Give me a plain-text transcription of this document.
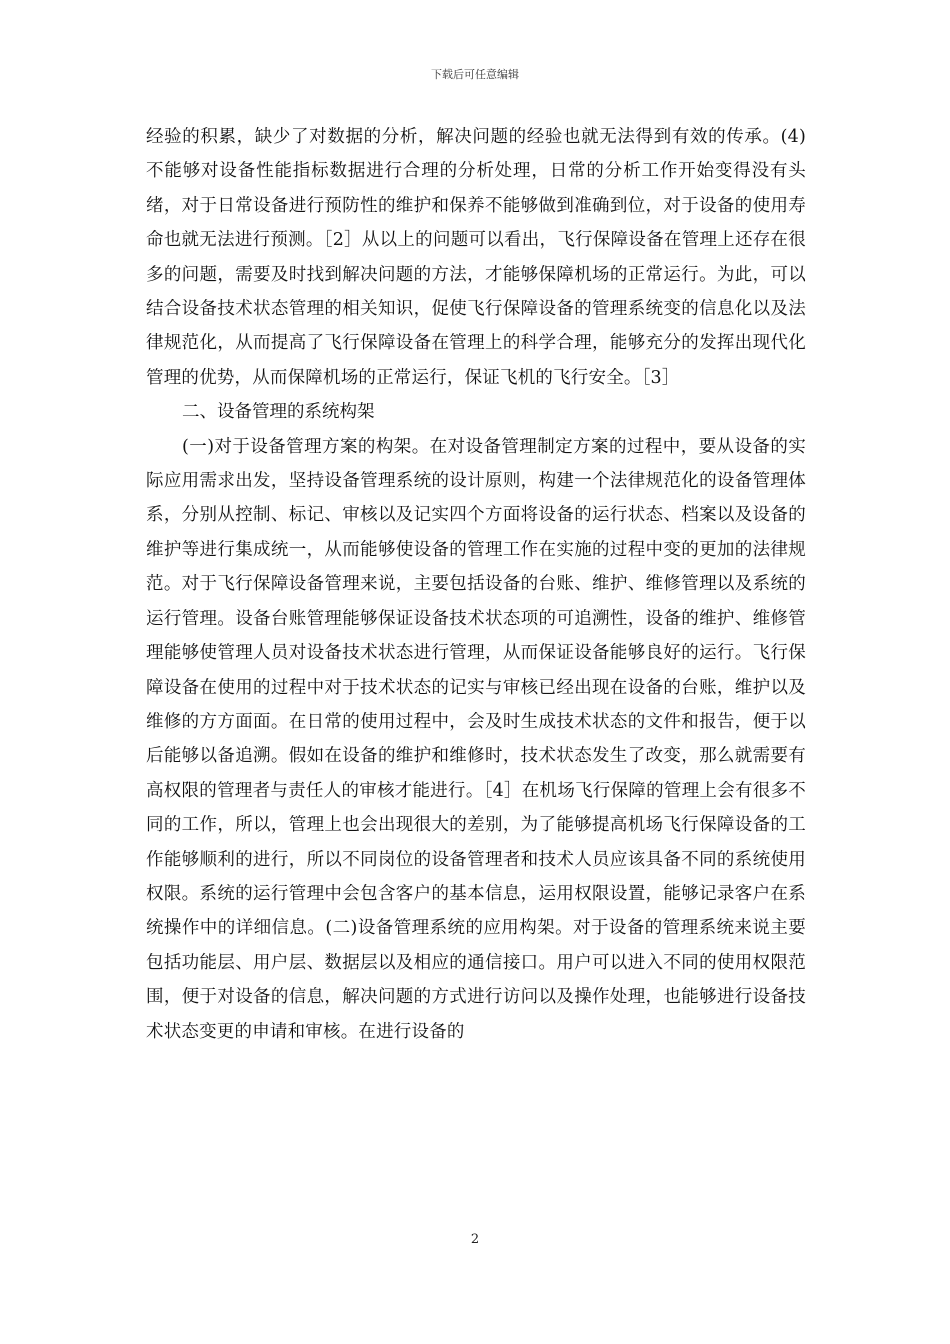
下载后可任意编辑

经验的积累，缺少了对数据的分析，解决问题的经验也就无法得到有效的传承。(4)不能够对设备性能指标数据进行合理的分析处理，日常的分析工作开始变得没有头绪，对于日常设备进行预防性的维护和保养不能够做到准确到位，对于设备的使用寿命也就无法进行预测。［2］从以上的问题可以看出，飞行保障设备在管理上还存在很多的问题，需要及时找到解决问题的方法，才能够保障机场的正常运行。为此，可以结合设备技术状态管理的相关知识，促使飞行保障设备的管理系统变的信息化以及法律规范化，从而提高了飞行保障设备在管理上的科学合理，能够充分的发挥出现代化管理的优势，从而保障机场的正常运行，保证飞机的飞行安全。［3］

二、设备管理的系统构架

(一)对于设备管理方案的构架。在对设备管理制定方案的过程中，要从设备的实际应用需求出发，坚持设备管理系统的设计原则，构建一个法律规范化的设备管理体系，分别从控制、标记、审核以及记实四个方面将设备的运行状态、档案以及设备的维护等进行集成统一，从而能够使设备的管理工作在实施的过程中变的更加的法律规范。对于飞行保障设备管理来说，主要包括设备的台账、维护、维修管理以及系统的运行管理。设备台账管理能够保证设备技术状态项的可追溯性，设备的维护、维修管理能够使管理人员对设备技术状态进行管理，从而保证设备能够良好的运行。飞行保障设备在使用的过程中对于技术状态的记实与审核已经出现在设备的台账，维护以及维修的方方面面。在日常的使用过程中，会及时生成技术状态的文件和报告，便于以后能够以备追溯。假如在设备的维护和维修时，技术状态发生了改变，那么就需要有高权限的管理者与责任人的审核才能进行。［4］在机场飞行保障的管理上会有很多不同的工作，所以，管理上也会出现很大的差别，为了能够提高机场飞行保障设备的工作能够顺利的进行，所以不同岗位的设备管理者和技术人员应该具备不同的系统使用权限。系统的运行管理中会包含客户的基本信息，运用权限设置，能够记录客户在系统操作中的详细信息。(二)设备管理系统的应用构架。对于设备的管理系统来说主要包括功能层、用户层、数据层以及相应的通信接口。用户可以进入不同的使用权限范围，便于对设备的信息，解决问题的方式进行访问以及操作处理，也能够进行设备技术状态变更的申请和审核。在进行设备的

2
